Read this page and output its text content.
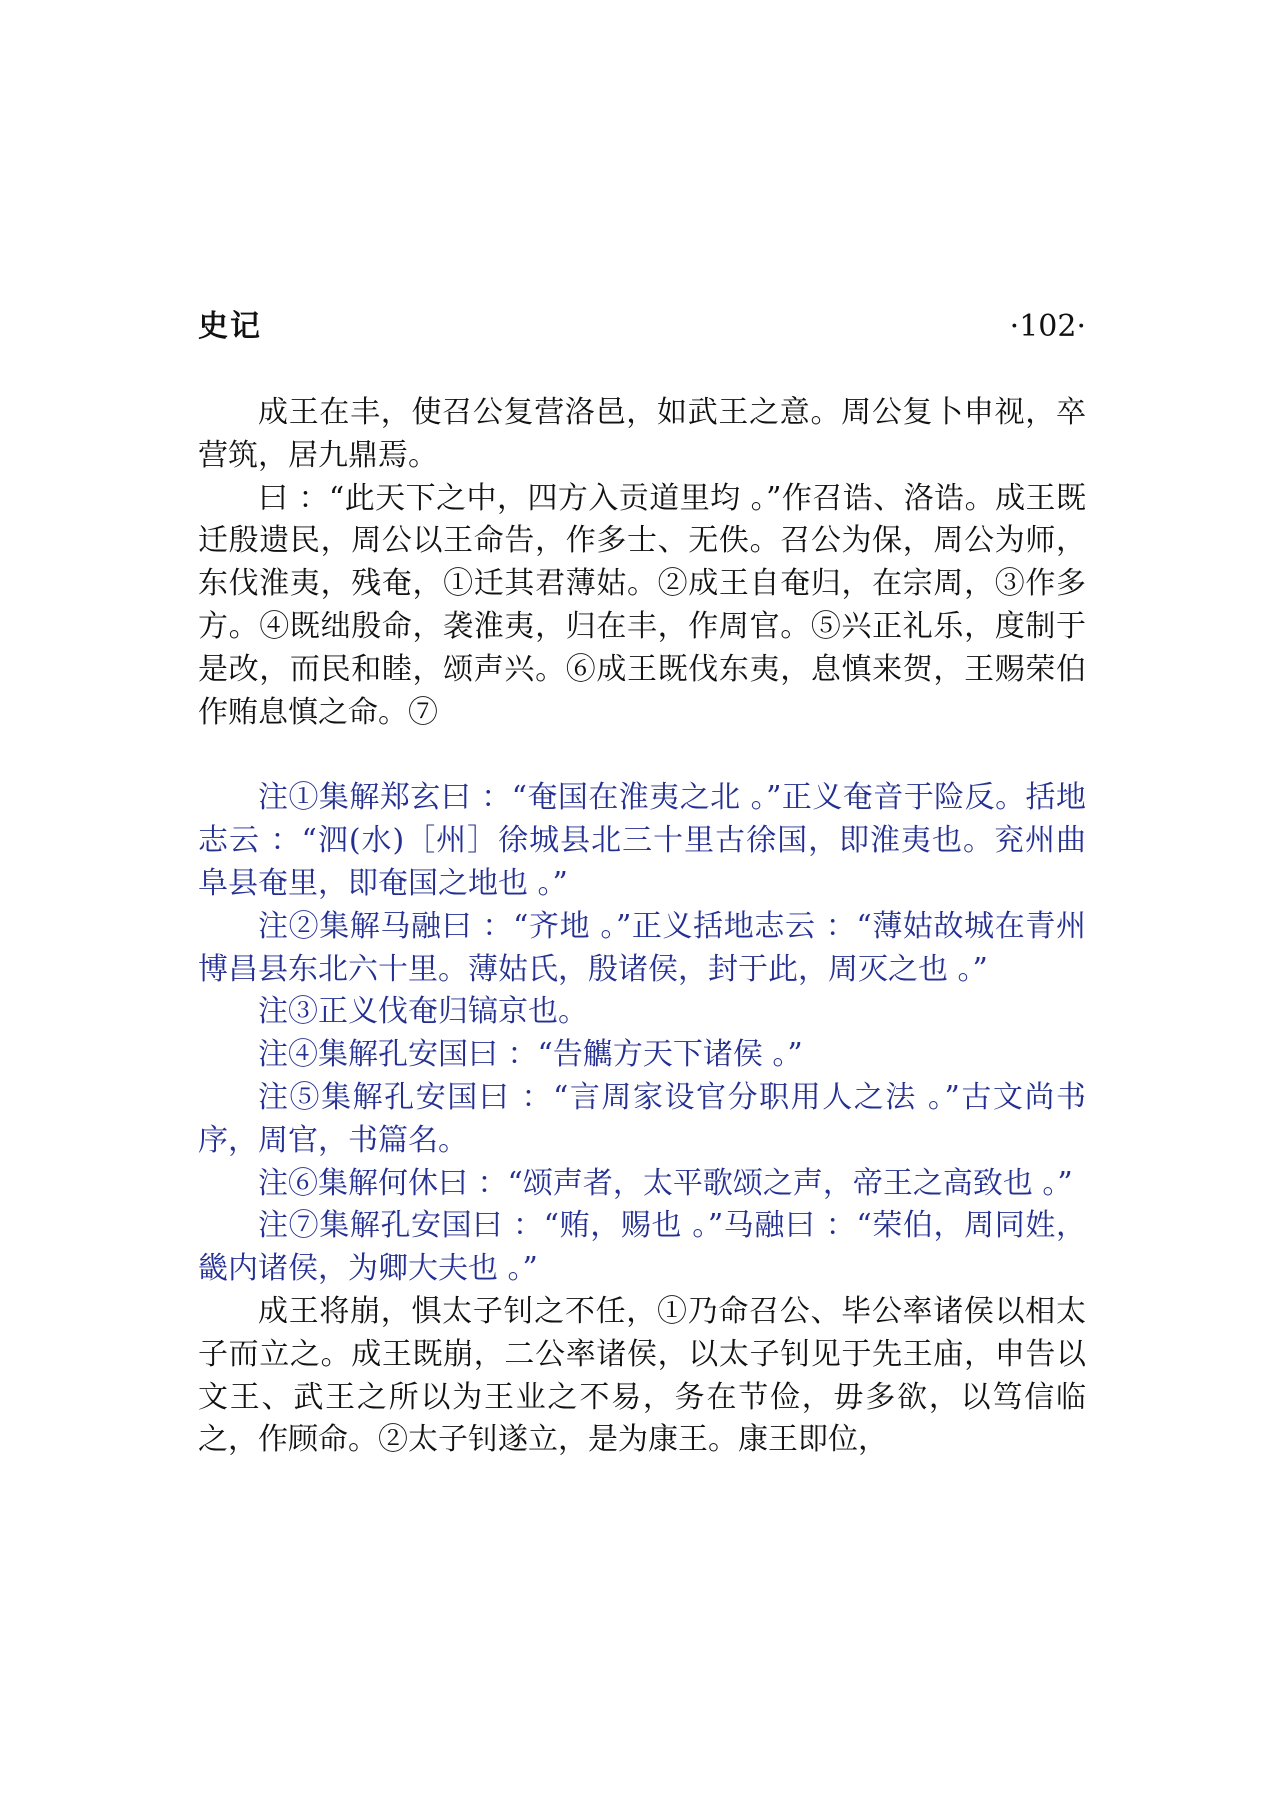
史记	·102·

成王在丰，使召公复营洛邑，如武王之意。周公复卜申视，卒营筑，居九鼎焉。

曰 ：“此天下之中，四方入贡道里均 。”作召诰、洛诰。成王既迁殷遗民，周公以王命告，作多士、无佚。召公为保，周公为师，东伐淮夷，残奄，①迁其君薄姑。②成王自奄归，在宗周，③作多方。④既绌殷命，袭淮夷，归在丰，作周官。⑤兴正礼乐，度制于是改，而民和睦，颂声兴。⑥成王既伐东夷，息慎来贺，王赐荣伯作贿息慎之命。⑦

注①集解郑玄曰 ：“奄国在淮夷之北 。”正义奄音于险反。括地志云 ：“泗(水)［州］徐城县北三十里古徐国，即淮夷也。兖州曲阜县奄里，即奄国之地也 。”

注②集解马融曰 ：“齐地 。”正义括地志云 ：“薄姑故城在青州博昌县东北六十里。薄姑氏，殷诸侯，封于此，周灭之也 。”

注③正义伐奄归镐京也。

注④集解孔安国曰 ：“告觽方天下诸侯 。”

注⑤集解孔安国曰 ：“言周家设官分职用人之法 。”古文尚书序，周官，书篇名。

注⑥集解何休曰 ：“颂声者，太平歌颂之声，帝王之高致也 。”

注⑦集解孔安国曰 ：“贿，赐也 。”马融曰 ：“荣伯，周同姓，畿内诸侯，为卿大夫也 。”

成王将崩，惧太子钊之不任，①乃命召公、毕公率诸侯以相太子而立之。成王既崩，二公率诸侯，以太子钊见于先王庙，申告以文王、武王之所以为王业之不易，务在节俭，毋多欲，以笃信临之，作顾命。②太子钊遂立，是为康王。康王即位，
